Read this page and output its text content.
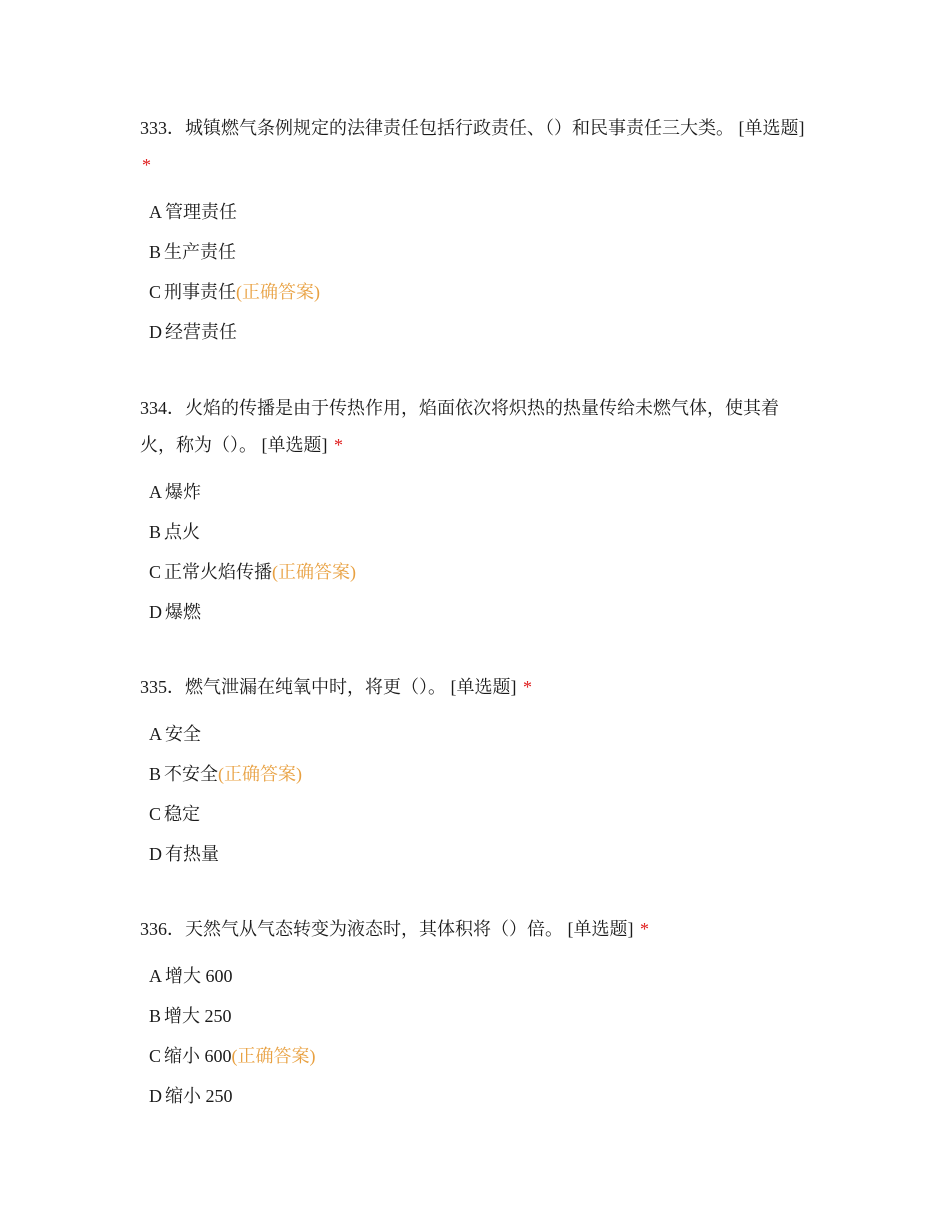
333．城镇燃气条例规定的法律责任包括行政责任、（）和民事责任三大类。 [单选题] *

A 管理责任
B 生产责任
C 刑事责任(正确答案)
D 经营责任

334．火焰的传播是由于传热作用，焰面依次将炽热的热量传给未燃气体，使其着火，称为（）。 [单选题] *

A 爆炸
B 点火
C 正常火焰传播(正确答案)
D 爆燃

335．燃气泄漏在纯氧中时，将更（）。 [单选题] *

A 安全
B 不安全(正确答案)
C 稳定
D 有热量

336．天然气从气态转变为液态时，其体积将（）倍。 [单选题] *

A 增大 600
B 增大 250
C 缩小 600(正确答案)
D 缩小 250
